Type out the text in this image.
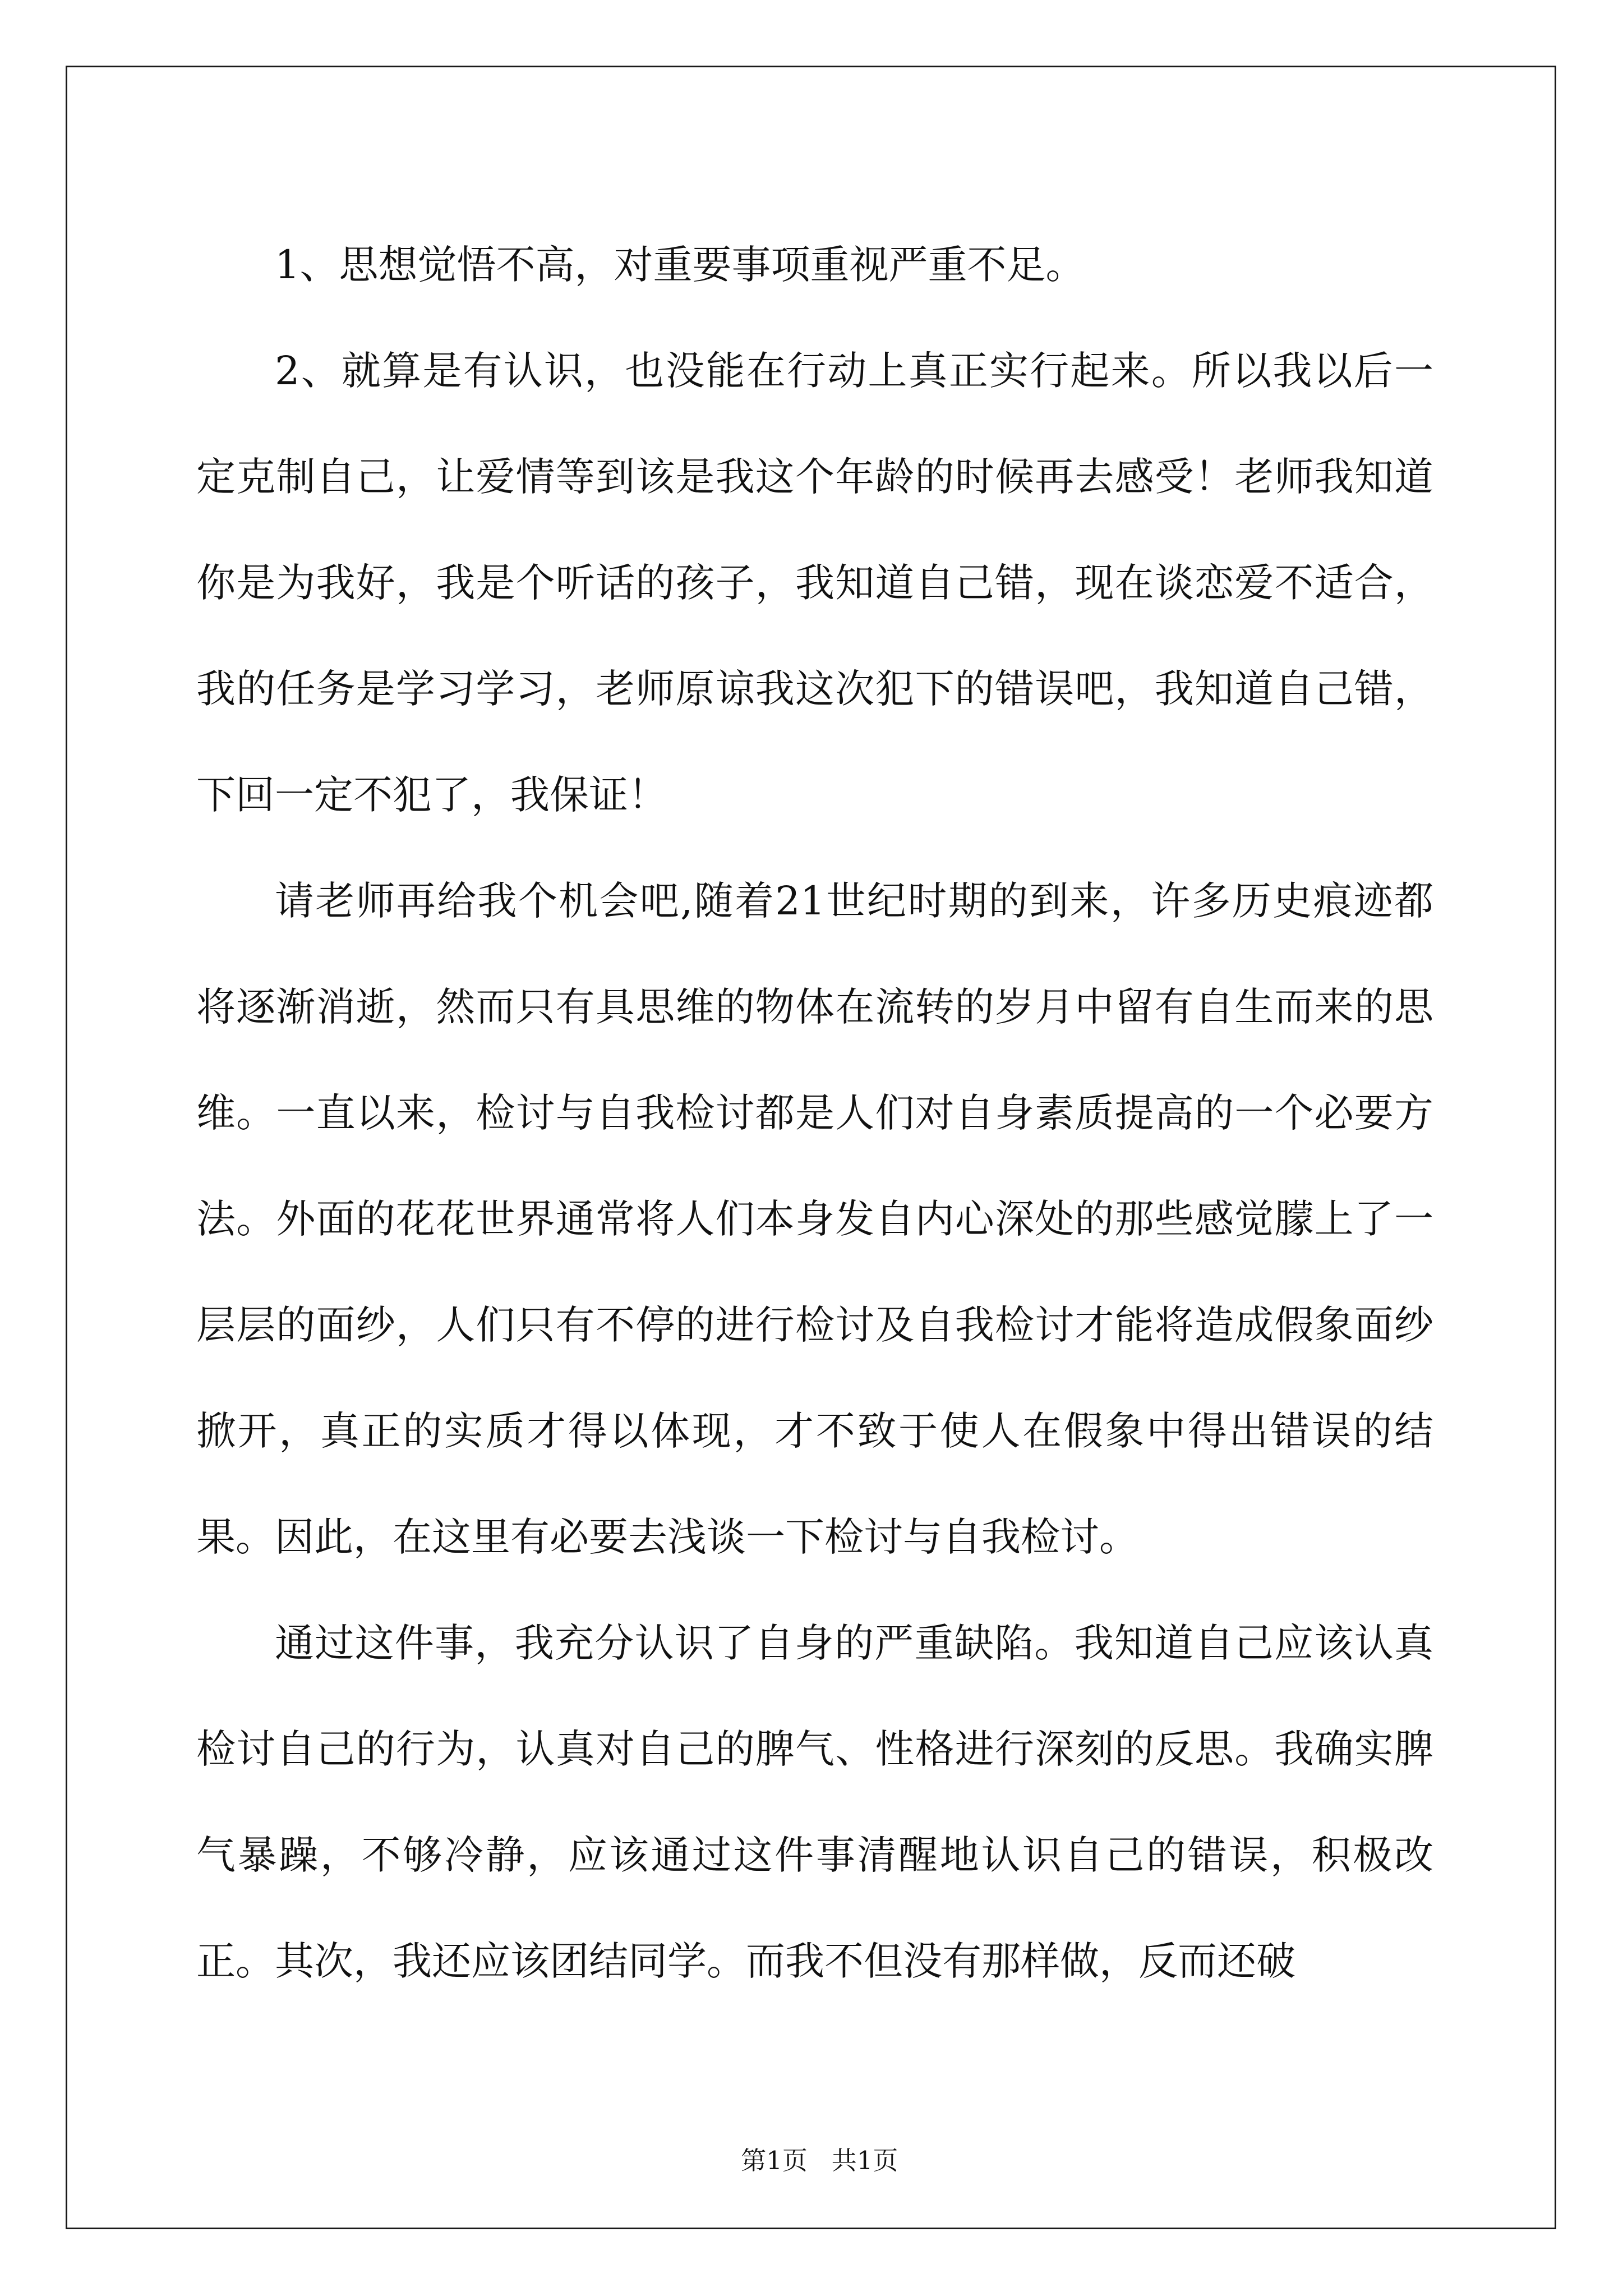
1、思想觉悟不高，对重要事项重视严重不足。

2、就算是有认识，也没能在行动上真正实行起来。所以我以后一定克制自己，让爱情等到该是我这个年龄的时候再去感受！老师我知道你是为我好，我是个听话的孩子，我知道自己错，现在谈恋爱不适合，我的任务是学习学习，老师原谅我这次犯下的错误吧，我知道自己错，下回一定不犯了，我保证！

请老师再给我个机会吧,随着21世纪时期的到来，许多历史痕迹都将逐渐消逝，然而只有具思维的物体在流转的岁月中留有自生而来的思维。一直以来，检讨与自我检讨都是人们对自身素质提高的一个必要方法。外面的花花世界通常将人们本身发自内心深处的那些感觉朦上了一层层的面纱，人们只有不停的进行检讨及自我检讨才能将造成假象面纱掀开，真正的实质才得以体现，才不致于使人在假象中得出错误的结果。因此，在这里有必要去浅谈一下检讨与自我检讨。

通过这件事，我充分认识了自身的严重缺陷。我知道自己应该认真检讨自己的行为，认真对自己的脾气、性格进行深刻的反思。我确实脾气暴躁，不够冷静，应该通过这件事清醒地认识自己的错误，积极改正。其次，我还应该团结同学。而我不但没有那样做，反而还破

第1页   共1页
